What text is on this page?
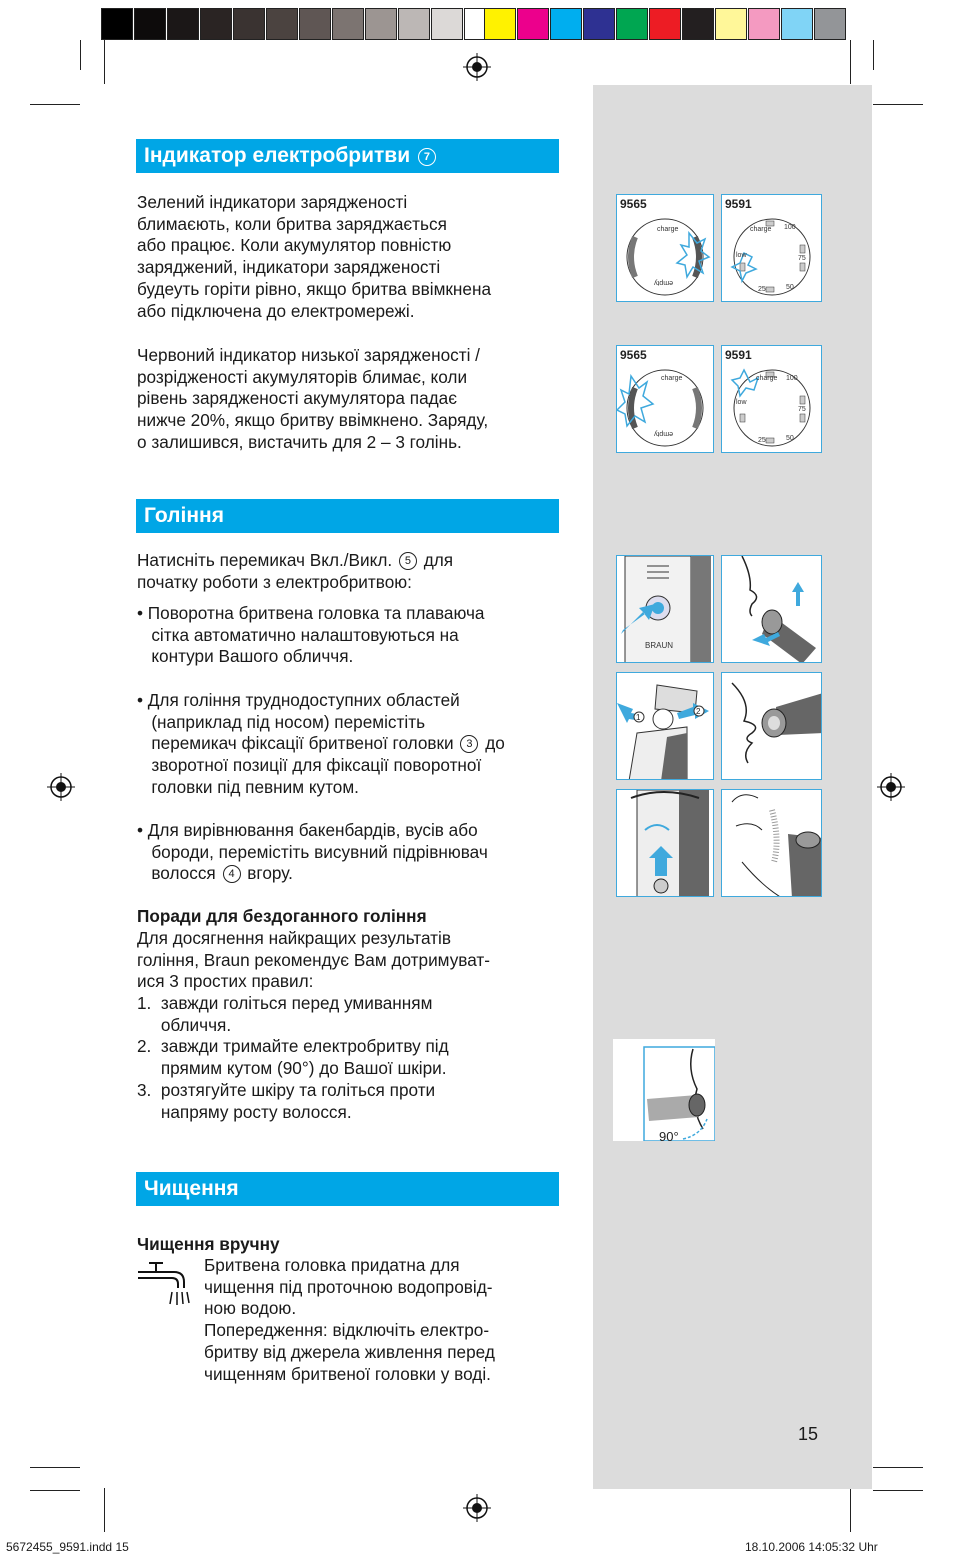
Індикатор електробритви 7
Зелений індикатори зарядженості
блимаєють, коли бритва заряджається
або працює. Коли акумулятор повністю
заряджений, індикатори зарядженості
будеуть горіти рівно, якщо бритва ввімкнена
або підключена до електромережі.
Червоний індикатор низької зарядженості /
розрідженості акумуляторів блимає, коли
рівень зарядженості акумулятора падає
нижче 20%, якщо бритву ввімкнено. Заряду,
о залишився, вистачить для 2 – 3 голінь.
Гоління
Натисніть перемикач Вкл./Викл. 5 для
початку роботи з електробритвою:
• Поворотна бритвена головка та плаваюча
сітка автоматично налаштовуються на
контури Вашого обличчя.
• Для гоління труднодоступних областей
(наприклад під носом) перемістіть
перемикач фіксації бритвеної головки 3 до
зворотної позиції для фіксації поворотної
головки під певним кутом.
• Для вирівнювання бакенбардів, вусів або
бороди, перемістіть висувний підрівнювач
волосся 4 вгору.
Поради для бездоганного гоління
Для досягнення найкращих результатів
гоління, Braun рекомендує Вам дотримуват-
ися 3 простих правил:
1.  завжди голіться перед умиванням
обличчя.
2.  завжди тримайте електробритву під
прямим кутом (90°) до Вашої шкіри.
3.  розтягуйте шкіру та голіться проти
напряму росту волосся.
Чищення
Чищення вручну
Бритвена головка придатна для
чищення під проточною водопровід-
ною водою.
Попередження: відключіть електро-
бритву від джерела живлення перед
чищенням бритвеної головки у воді.
9565
charge
empty
9591
charge 100
75
50
25
low
9565
charge
empty
9591
charge 100
75
50
25
low
BRAUN
1
2
90°
15
5672455_9591.indd 15	18.10.2006 14:05:32 Uhr
